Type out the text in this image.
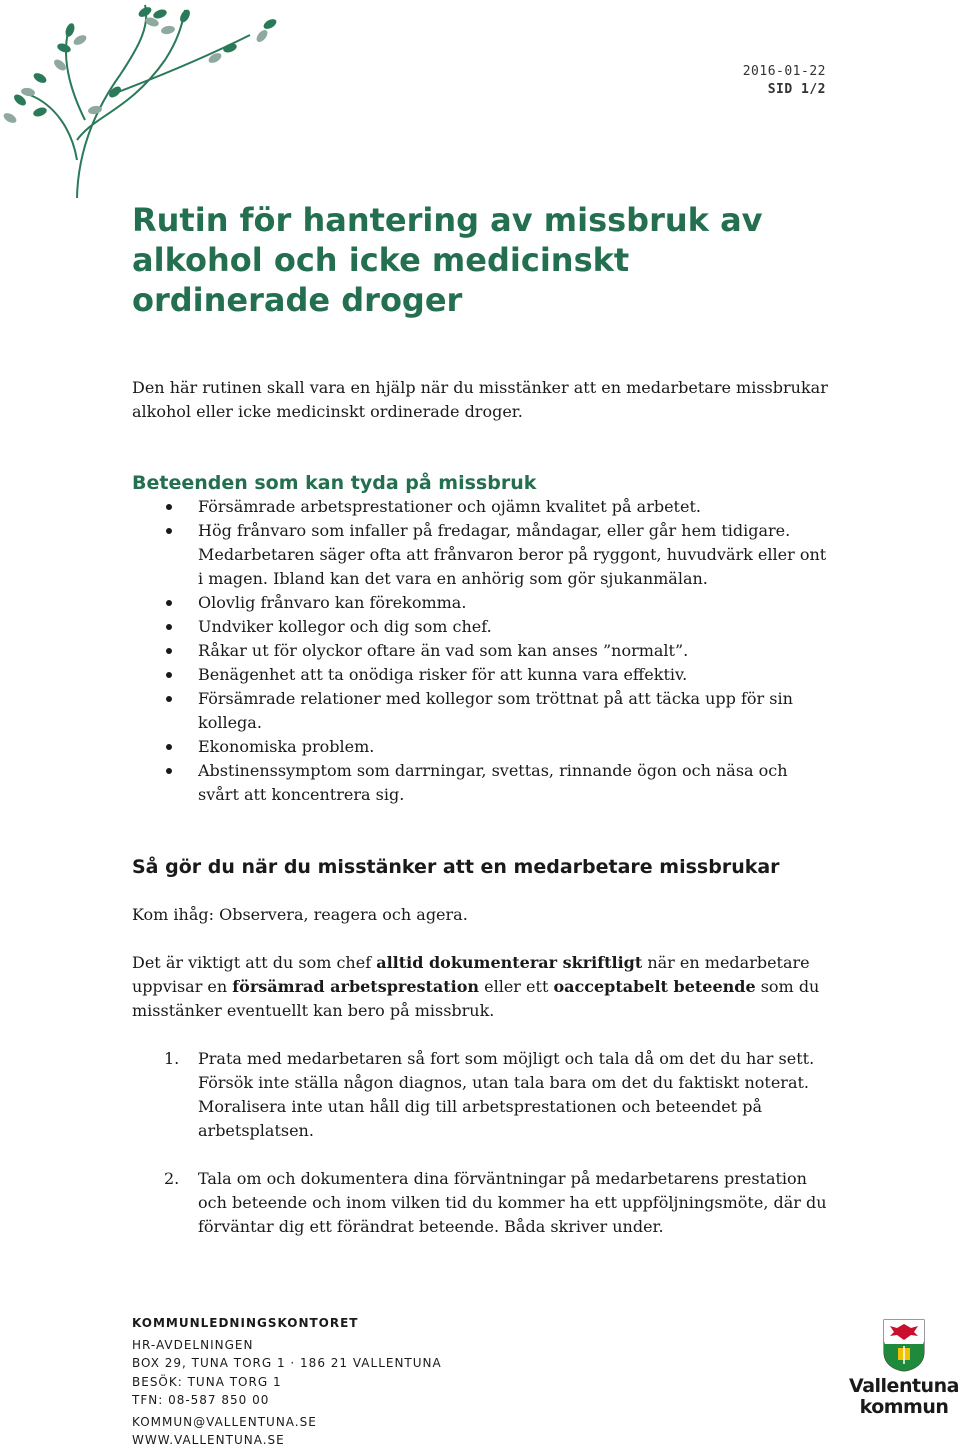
2016-01-22
SID 1/2
Rutin för hantering av missbruk av alkohol och icke medicinskt ordinerade droger

Den här rutinen skall vara en hjälp när du misstänker att en medarbetare missbrukar alkohol eller icke medicinskt ordinerade droger.

Beteenden som kan tyda på missbruk
Försämrade arbetsprestationer och ojämn kvalitet på arbetet.
Hög frånvaro som infaller på fredagar, måndagar, eller går hem tidigare. Medarbetaren säger ofta att frånvaron beror på ryggont, huvudvärk eller ont i magen. Ibland kan det vara en anhörig som gör sjukanmälan.
Olovlig frånvaro kan förekomma.
Undviker kollegor och dig som chef.
Råkar ut för olyckor oftare än vad som kan anses ”normalt”.
Benägenhet att ta onödiga risker för att kunna vara effektiv.
Försämrade relationer med kollegor som tröttnat på att täcka upp för sin kollega.
Ekonomiska problem.
Abstinenssymptom som darrningar, svettas, rinnande ögon och näsa och svårt att koncentrera sig.
Så gör du när du misstänker att en medarbetare missbrukar

Kom ihåg: Observera, reagera och agera.

Det är viktigt att du som chef alltid dokumenterar skriftligt när en medarbetare uppvisar en försämrad arbetsprestation eller ett oacceptabelt beteende som du misstänker eventuellt kan bero på missbruk.

1. Prata med medarbetaren så fort som möjligt och tala då om det du har sett. Försök inte ställa någon diagnos, utan tala bara om det du faktiskt noterat. Moralisera inte utan håll dig till arbetsprestationen och beteendet på arbetsplatsen.
2. Tala om och dokumentera dina förväntningar på medarbetarens prestation och beteende och inom vilken tid du kommer ha ett uppföljningsmöte, där du förväntar dig ett förändrat beteende. Båda skriver under.
KOMMUNLEDNINGSKONTORET
HR-AVDELNINGEN
BOX 29, TUNA TORG 1 · 186 21 VALLENTUNA
BESÖK: TUNA TORG 1
TFN: 08-587 850 00
KOMMUN@VALLENTUNA.SE
WWW.VALLENTUNA.SE
Vallentuna
kommun
